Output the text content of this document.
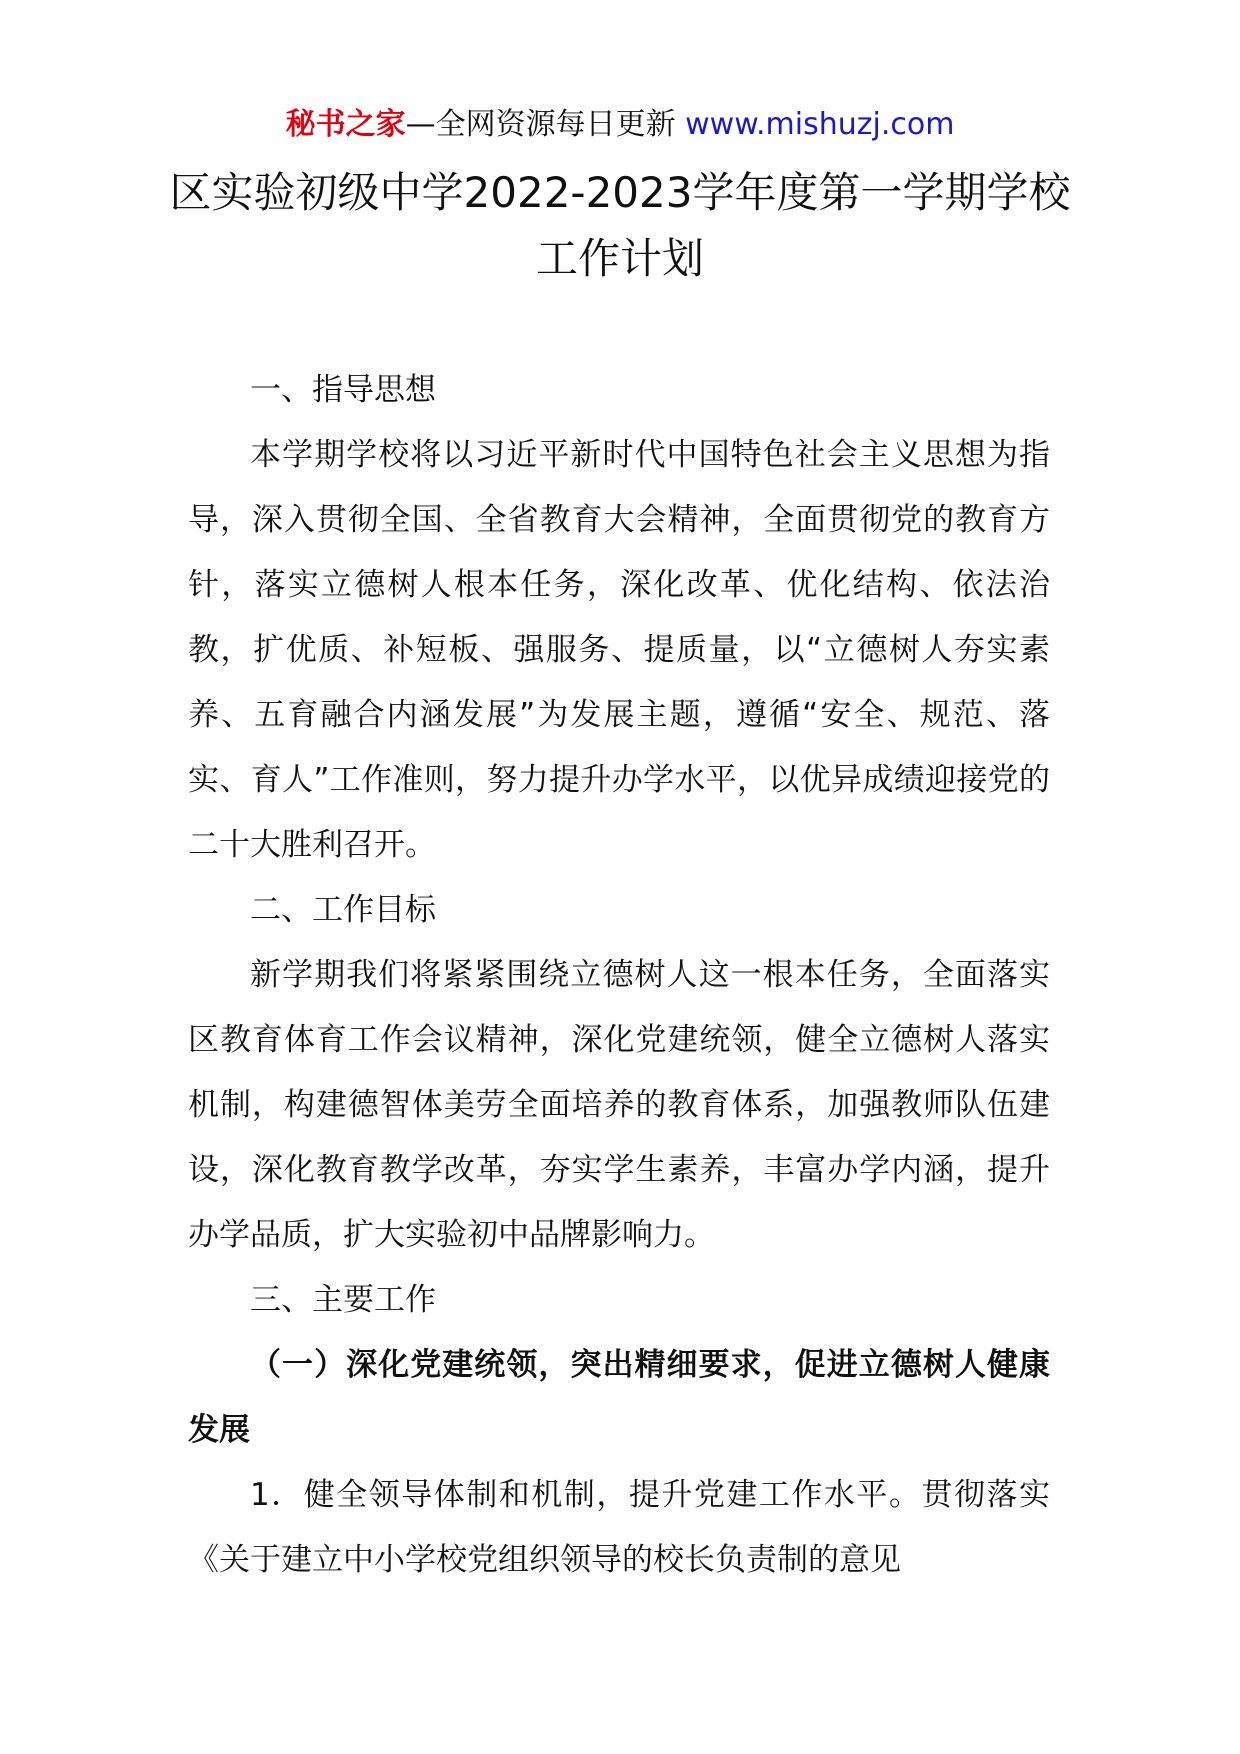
秘书之家—全网资源每日更新 www.mishuzj.com
区实验初级中学2022-2023学年度第一学期学校工作计划

一、指导思想

本学期学校将以习近平新时代中国特色社会主义思想为指导，深入贯彻全国、全省教育大会精神，全面贯彻党的教育方针，落实立德树人根本任务，深化改革、优化结构、依法治教，扩优质、补短板、强服务、提质量，以“立德树人夯实素养、五育融合内涵发展”为发展主题，遵循“安全、规范、落实、育人”工作准则，努力提升办学水平，以优异成绩迎接党的二十大胜利召开。

二、工作目标

新学期我们将紧紧围绕立德树人这一根本任务，全面落实区教育体育工作会议精神，深化党建统领，健全立德树人落实机制，构建德智体美劳全面培养的教育体系，加强教师队伍建设，深化教育教学改革，夯实学生素养，丰富办学内涵，提升办学品质，扩大实验初中品牌影响力。

三、主要工作

（一）深化党建统领，突出精细要求，促进立德树人健康发展

1．健全领导体制和机制，提升党建工作水平。贯彻落实《关于建立中小学校党组织领导的校长负责制的意见
